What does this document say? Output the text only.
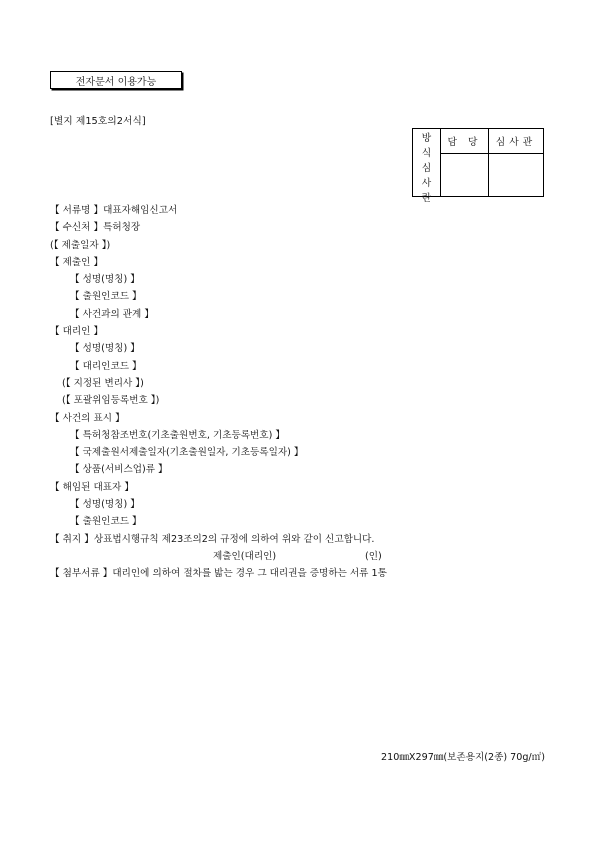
전자문서 이용가능
[별지 제15호의2서식]
방
식
심
사
란
담 당	심사관
【 서류명 】대표자해임신고서
【 수신처 】특허청장
(【 제출일자 】)
【 제출인 】
【 성명(명칭) 】
【 출원인코드 】
【 사건과의 관계 】
【 대리인 】
【 성명(명칭) 】
【 대리인코드 】
(【 지정된 변리사 】)
(【 포괄위임등록번호 】)
【 사건의 표시 】
【 특허청참조번호(기초출원번호, 기초등록번호) 】
【 국제출원서제출일자(기초출원일자, 기초등록일자) 】
【 상품(서비스업)류 】
【 해임된 대표자 】
【 성명(명칭) 】
【 출원인코드 】
【 취지 】상표법시행규칙 제23조의2의 규정에 의하여 위와 같이 신고합니다.
제출인(대리인)	(인)
【 첨부서류 】대리인에 의하여 절차를 밟는 경우 그 대리권을 증명하는 서류 1통
210㎜X297㎜(보존용지(2종) 70g/㎡)
